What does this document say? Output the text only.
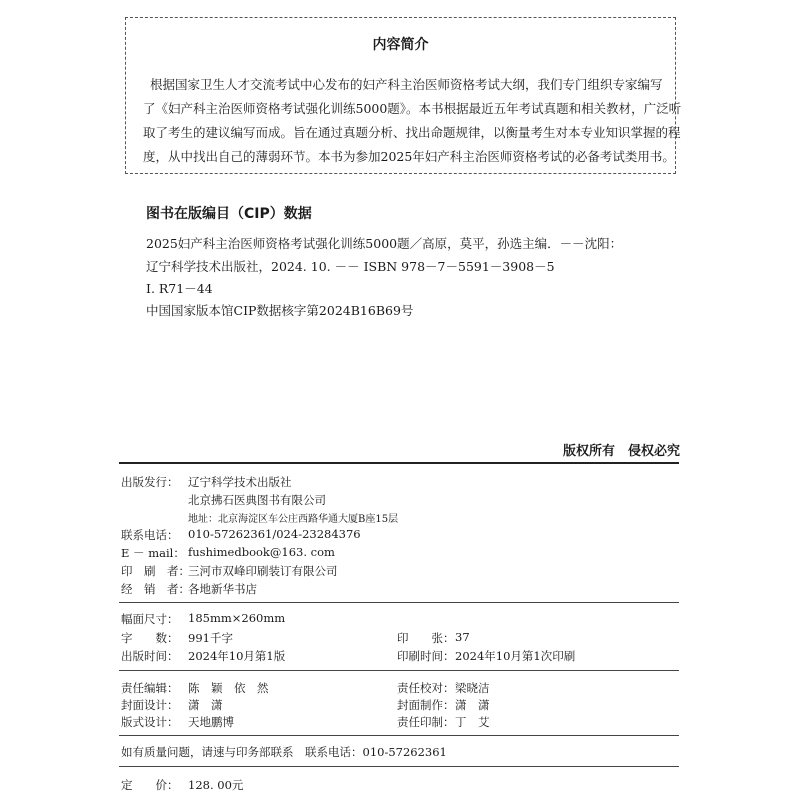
内容简介
根据国家卫生人才交流考试中心发布的妇产科主治医师资格考试大纲，我们专门组织专家编写
了《妇产科主治医师资格考试强化训练5000题》。本书根据最近五年考试真题和相关教材，广泛听
取了考生的建议编写而成。旨在通过真题分析、找出命题规律，以衡量考生对本专业知识掌握的程
度，从中找出自己的薄弱环节。本书为参加2025年妇产科主治医师资格考试的必备考试类用书。
图书在版编目（CIP）数据
2025妇产科主治医师资格考试强化训练5000题／高原，莫平，孙选主编．－－沈阳：
辽宁科学技术出版社，2024. 10. －－ ISBN 978－7－5591－3908－5
Ⅰ. R71－44
中国国家版本馆CIP数据核字第2024B16B69号
版权所有　侵权必究
出版发行： 辽宁科学技术出版社
北京拂石医典图书有限公司
地址：北京海淀区车公庄西路华通大厦B座15层
联系电话： 010-57262361/024-23284376
E － mail： fushimedbook@163. com
印　刷　者：
三河市双峰印刷装订有限公司
经　销　者：
各地新华书店
幅面尺寸： 185mm×260mm
字　　数： 991千字	印　　张： 37
出版时间： 2024年10月第1版	印刷时间： 2024年10月第1次印刷
责任编辑： 陈　颖　依　然	责任校对： 梁晓洁
封面设计： 潇　潇	封面制作： 潇　潇
版式设计： 天地鹏博	责任印制： 丁　艾
如有质量问题，请速与印务部联系　联系电话：010-57262361
定　　价： 128. 00元
